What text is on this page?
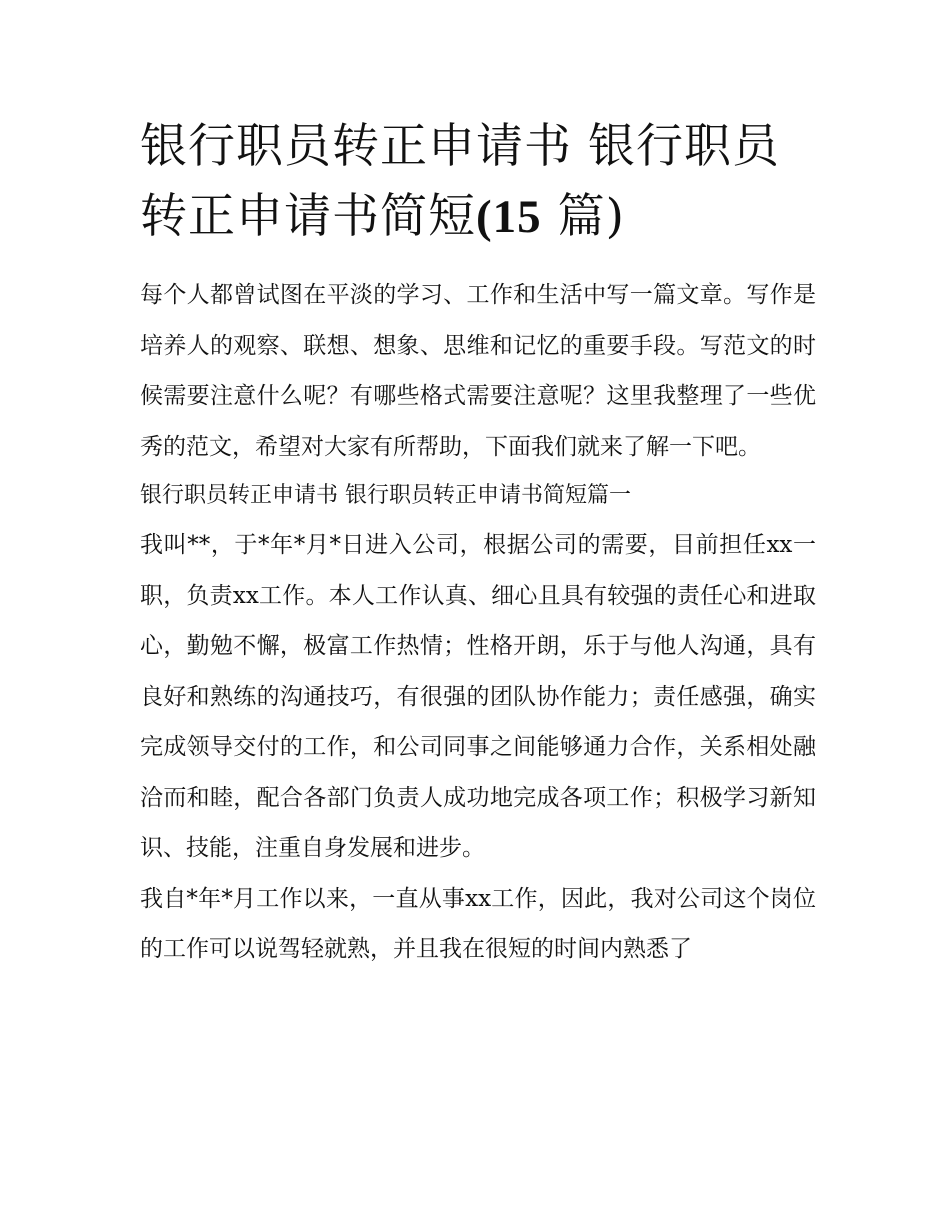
银行职员转正申请书 银行职员转正申请书简短(15 篇)

每个人都曾试图在平淡的学习、工作和生活中写一篇文章。写作是培养人的观察、联想、想象、思维和记忆的重要手段。写范文的时候需要注意什么呢？有哪些格式需要注意呢？这里我整理了一些优秀的范文，希望对大家有所帮助，下面我们就来了解一下吧。

银行职员转正申请书 银行职员转正申请书简短篇一

我叫**，于*年*月*日进入公司，根据公司的需要，目前担任xx一职，负责xx工作。本人工作认真、细心且具有较强的责任心和进取心，勤勉不懈，极富工作热情；性格开朗，乐于与他人沟通，具有良好和熟练的沟通技巧，有很强的团队协作能力；责任感强，确实完成领导交付的工作，和公司同事之间能够通力合作，关系相处融洽而和睦，配合各部门负责人成功地完成各项工作；积极学习新知识、技能，注重自身发展和进步。

我自*年*月工作以来，一直从事xx工作，因此，我对公司这个岗位的工作可以说驾轻就熟，并且我在很短的时间内熟悉了
